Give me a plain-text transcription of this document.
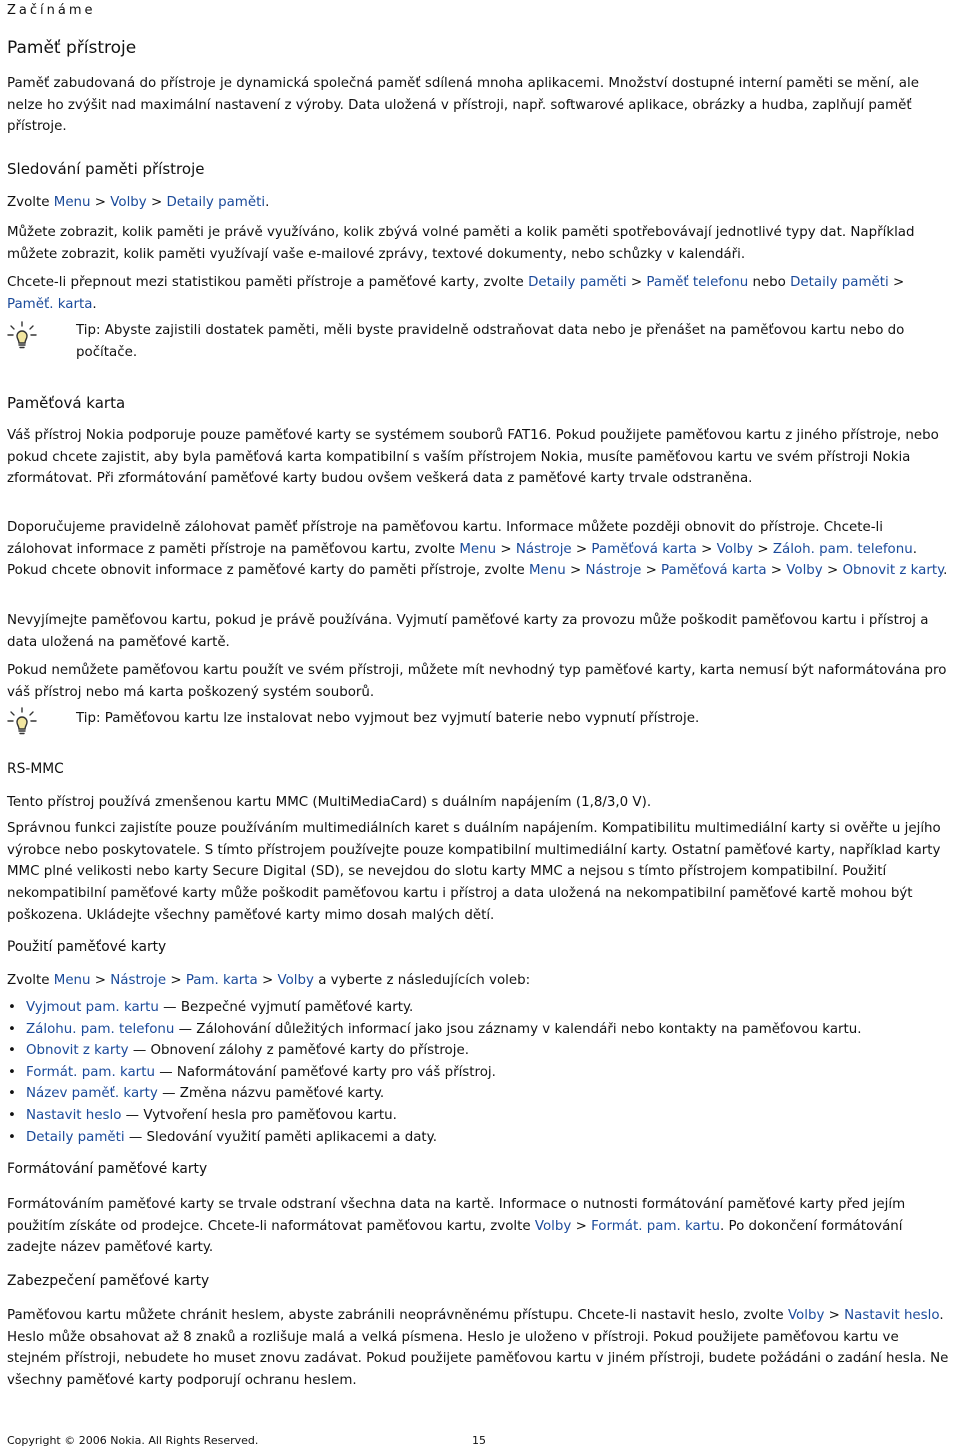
Začínáme
Paměť přístroje

Paměť zabudovaná do přístroje je dynamická společná paměť sdílená mnoha aplikacemi. Množství dostupné interní paměti se mění, ale nelze ho zvýšit nad maximální nastavení z výroby. Data uložená v přístroji, např. softwarové aplikace, obrázky a hudba, zaplňují paměť přístroje.

Sledování paměti přístroje

Zvolte Menu > Volby > Detaily paměti.

Můžete zobrazit, kolik paměti je právě využíváno, kolik zbývá volné paměti a kolik paměti spotřebovávají jednotlivé typy dat. Například můžete zobrazit, kolik paměti využívají vaše e-mailové zprávy, textové dokumenty, nebo schůzky v kalendáři.

Chcete-li přepnout mezi statistikou paměti přístroje a paměťové karty, zvolte Detaily paměti > Paměť telefonu nebo Detaily paměti > Paměť. karta.

Tip: Abyste zajistili dostatek paměti, měli byste pravidelně odstraňovat data nebo je přenášet na paměťovou kartu nebo do počítače.

Paměťová karta

Váš přístroj Nokia podporuje pouze paměťové karty se systémem souborů FAT16. Pokud použijete paměťovou kartu z jiného přístroje, nebo pokud chcete zajistit, aby byla paměťová karta kompatibilní s vaším přístrojem Nokia, musíte paměťovou kartu ve svém přístroji Nokia zformátovat. Při zformátování paměťové karty budou ovšem veškerá data z paměťové karty trvale odstraněna.

Doporučujeme pravidelně zálohovat paměť přístroje na paměťovou kartu. Informace můžete později obnovit do přístroje. Chcete-li zálohovat informace z paměti přístroje na paměťovou kartu, zvolte Menu > Nástroje > Paměťová karta > Volby > Záloh. pam. telefonu. Pokud chcete obnovit informace z paměťové karty do paměti přístroje, zvolte Menu > Nástroje > Paměťová karta > Volby > Obnovit z karty.

Nevyjímejte paměťovou kartu, pokud je právě používána. Vyjmutí paměťové karty za provozu může poškodit paměťovou kartu i přístroj a data uložená na paměťové kartě.

Pokud nemůžete paměťovou kartu použít ve svém přístroji, můžete mít nevhodný typ paměťové karty, karta nemusí být naformátována pro váš přístroj nebo má karta poškozený systém souborů.

Tip: Paměťovou kartu lze instalovat nebo vyjmout bez vyjmutí baterie nebo vypnutí přístroje.

RS-MMC

Tento přístroj používá zmenšenou kartu MMC (MultiMediaCard) s duálním napájením (1,8/3,0 V).

Správnou funkci zajistíte pouze používáním multimediálních karet s duálním napájením. Kompatibilitu multimediální karty si ověřte u jejího výrobce nebo poskytovatele. S tímto přístrojem používejte pouze kompatibilní multimediální karty. Ostatní paměťové karty, například karty MMC plné velikosti nebo karty Secure Digital (SD), se nevejdou do slotu karty MMC a nejsou s tímto přístrojem kompatibilní. Použití nekompatibilní paměťové karty může poškodit paměťovou kartu i přístroj a data uložená na nekompatibilní paměťové kartě mohou být poškozena. Ukládejte všechny paměťové karty mimo dosah malých dětí.

Použití paměťové karty

Zvolte Menu > Nástroje > Pam. karta > Volby a vyberte z následujících voleb:

• Vyjmout pam. kartu — Bezpečné vyjmutí paměťové karty.
• Zálohu. pam. telefonu — Zálohování důležitých informací jako jsou záznamy v kalendáři nebo kontakty na paměťovou kartu.
• Obnovit z karty — Obnovení zálohy z paměťové karty do přístroje.
• Formát. pam. kartu — Naformátování paměťové karty pro váš přístroj.
• Název paměť. karty — Změna názvu paměťové karty.
• Nastavit heslo — Vytvoření hesla pro paměťovou kartu.
• Detaily paměti — Sledování využití paměti aplikacemi a daty.
Formátování paměťové karty

Formátováním paměťové karty se trvale odstraní všechna data na kartě. Informace o nutnosti formátování paměťové karty před jejím použitím získáte od prodejce. Chcete-li naformátovat paměťovou kartu, zvolte Volby > Formát. pam. kartu. Po dokončení formátování zadejte název paměťové karty.

Zabezpečení paměťové karty

Paměťovou kartu můžete chránit heslem, abyste zabránili neoprávněnému přístupu. Chcete-li nastavit heslo, zvolte Volby > Nastavit heslo. Heslo může obsahovat až 8 znaků a rozlišuje malá a velká písmena. Heslo je uloženo v přístroji. Pokud použijete paměťovou kartu ve stejném přístroji, nebudete ho muset znovu zadávat. Pokud použijete paměťovou kartu v jiném přístroji, budete požádáni o zadání hesla. Ne všechny paměťové karty podporují ochranu heslem.

Copyright © 2006 Nokia. All Rights Reserved.	15
